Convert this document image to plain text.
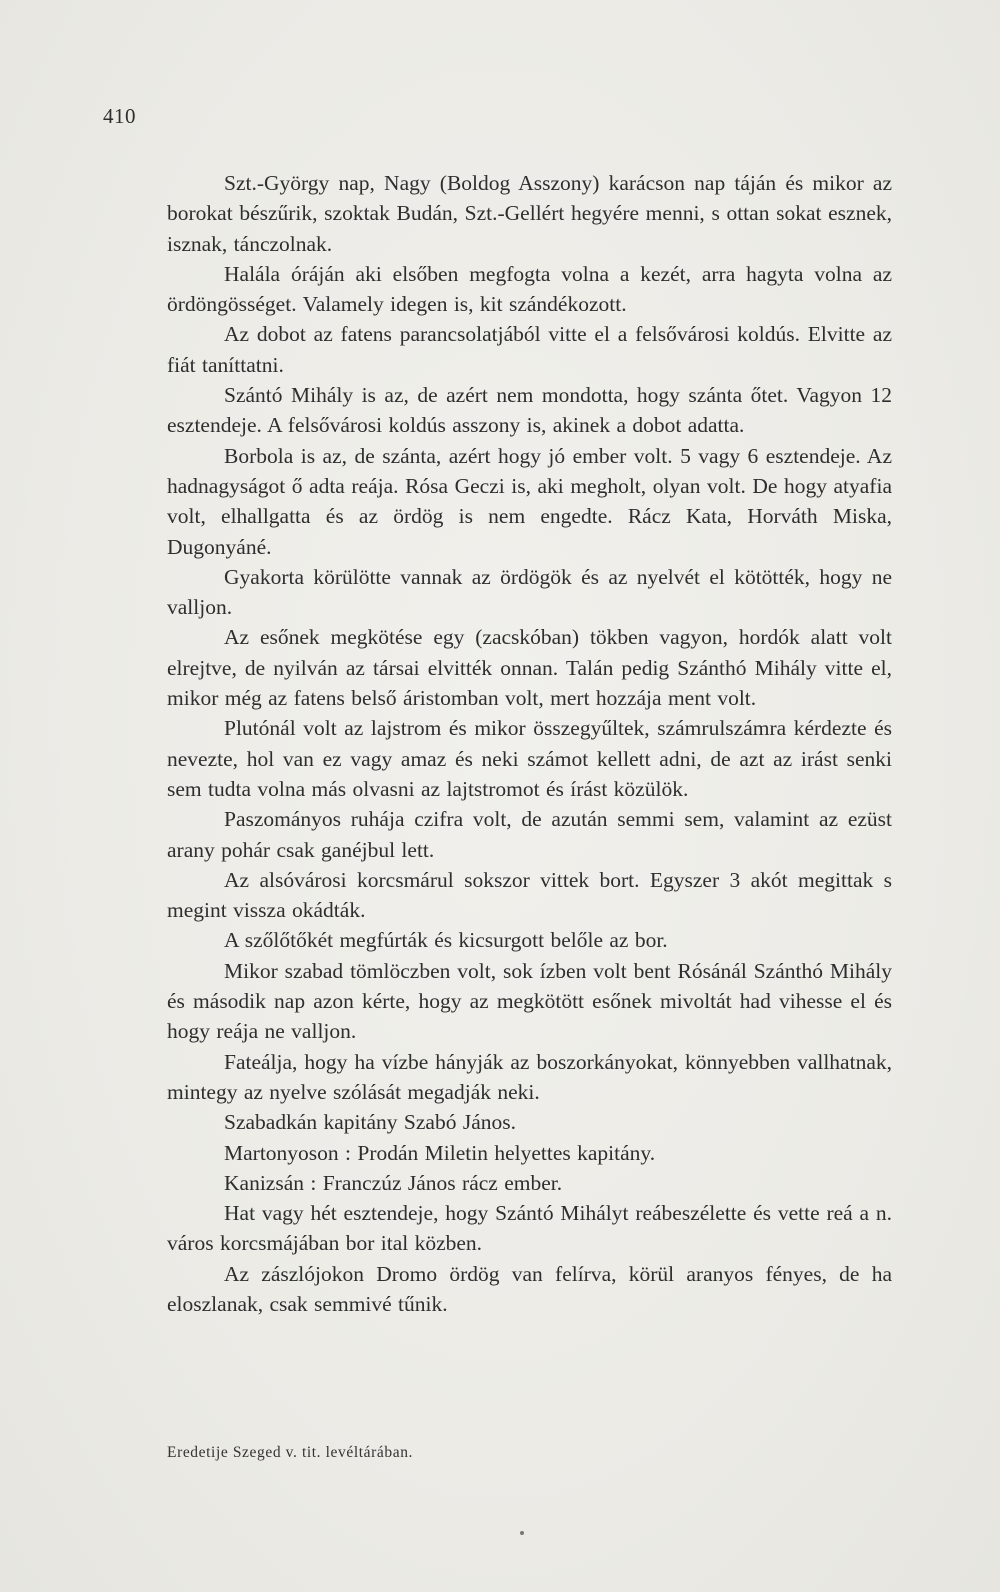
410

Szt.-György nap, Nagy (Boldog Asszony) karácson nap táján és mikor az borokat bészűrik, szoktak Budán, Szt.-Gellért hegyére menni, s ottan sokat esznek, isznak, tánczolnak.

Halála óráján aki elsőben megfogta volna a kezét, arra hagyta volna az ördöngösséget. Valamely idegen is, kit szándékozott.

Az dobot az fatens parancsolatjából vitte el a felsővárosi koldús. Elvitte az fiát taníttatni.

Szántó Mihály is az, de azért nem mondotta, hogy szánta őtet. Vagyon 12 esztendeje. A felsővárosi koldús asszony is, akinek a dobot adatta.

Borbola is az, de szánta, azért hogy jó ember volt. 5 vagy 6 esztendeje. Az hadnagyságot ő adta reája. Rósa Geczi is, aki megholt, olyan volt. De hogy atyafia volt, elhallgatta és az ördög is nem engedte. Rácz Kata, Horváth Miska, Dugonyáné.

Gyakorta körülötte vannak az ördögök és az nyelvét el kötötték, hogy ne valljon.

Az esőnek megkötése egy (zacskóban) tökben vagyon, hordók alatt volt elrejtve, de nyilván az társai elvitték onnan. Talán pedig Szánthó Mihály vitte el, mikor még az fatens belső áristomban volt, mert hozzája ment volt.

Plutónál volt az lajstrom és mikor összegyűltek, számrulszámra kérdezte és nevezte, hol van ez vagy amaz és neki számot kellett adni, de azt az irást senki sem tudta volna más olvasni az lajtstromot és írást közülök.

Paszományos ruhája czifra volt, de azután semmi sem, valamint az ezüst arany pohár csak ganéjbul lett.

Az alsóvárosi korcsmárul sokszor vittek bort. Egyszer 3 akót megittak s megint vissza okádták.

A szőlőtőkét megfúrták és kicsurgott belőle az bor.

Mikor szabad tömlöczben volt, sok ízben volt bent Rósánál Szánthó Mihály és második nap azon kérte, hogy az megkötött esőnek mivoltát had vihesse el és hogy reája ne valljon.

Fateálja, hogy ha vízbe hányják az boszorkányokat, könnyebben vallhatnak, mintegy az nyelve szólását megadják neki.

Szabadkán kapitány Szabó János.

Martonyoson : Prodán Miletin helyettes kapitány.

Kanizsán : Franczúz János rácz ember.

Hat vagy hét esztendeje, hogy Szántó Mihályt reábeszélette és vette reá a n. város korcsmájában bor ital közben.

Az zászlójokon Dromo ördög van felírva, körül aranyos fényes, de ha eloszlanak, csak semmivé tűnik.

Eredetije Szeged v. tit. levéltárában.
